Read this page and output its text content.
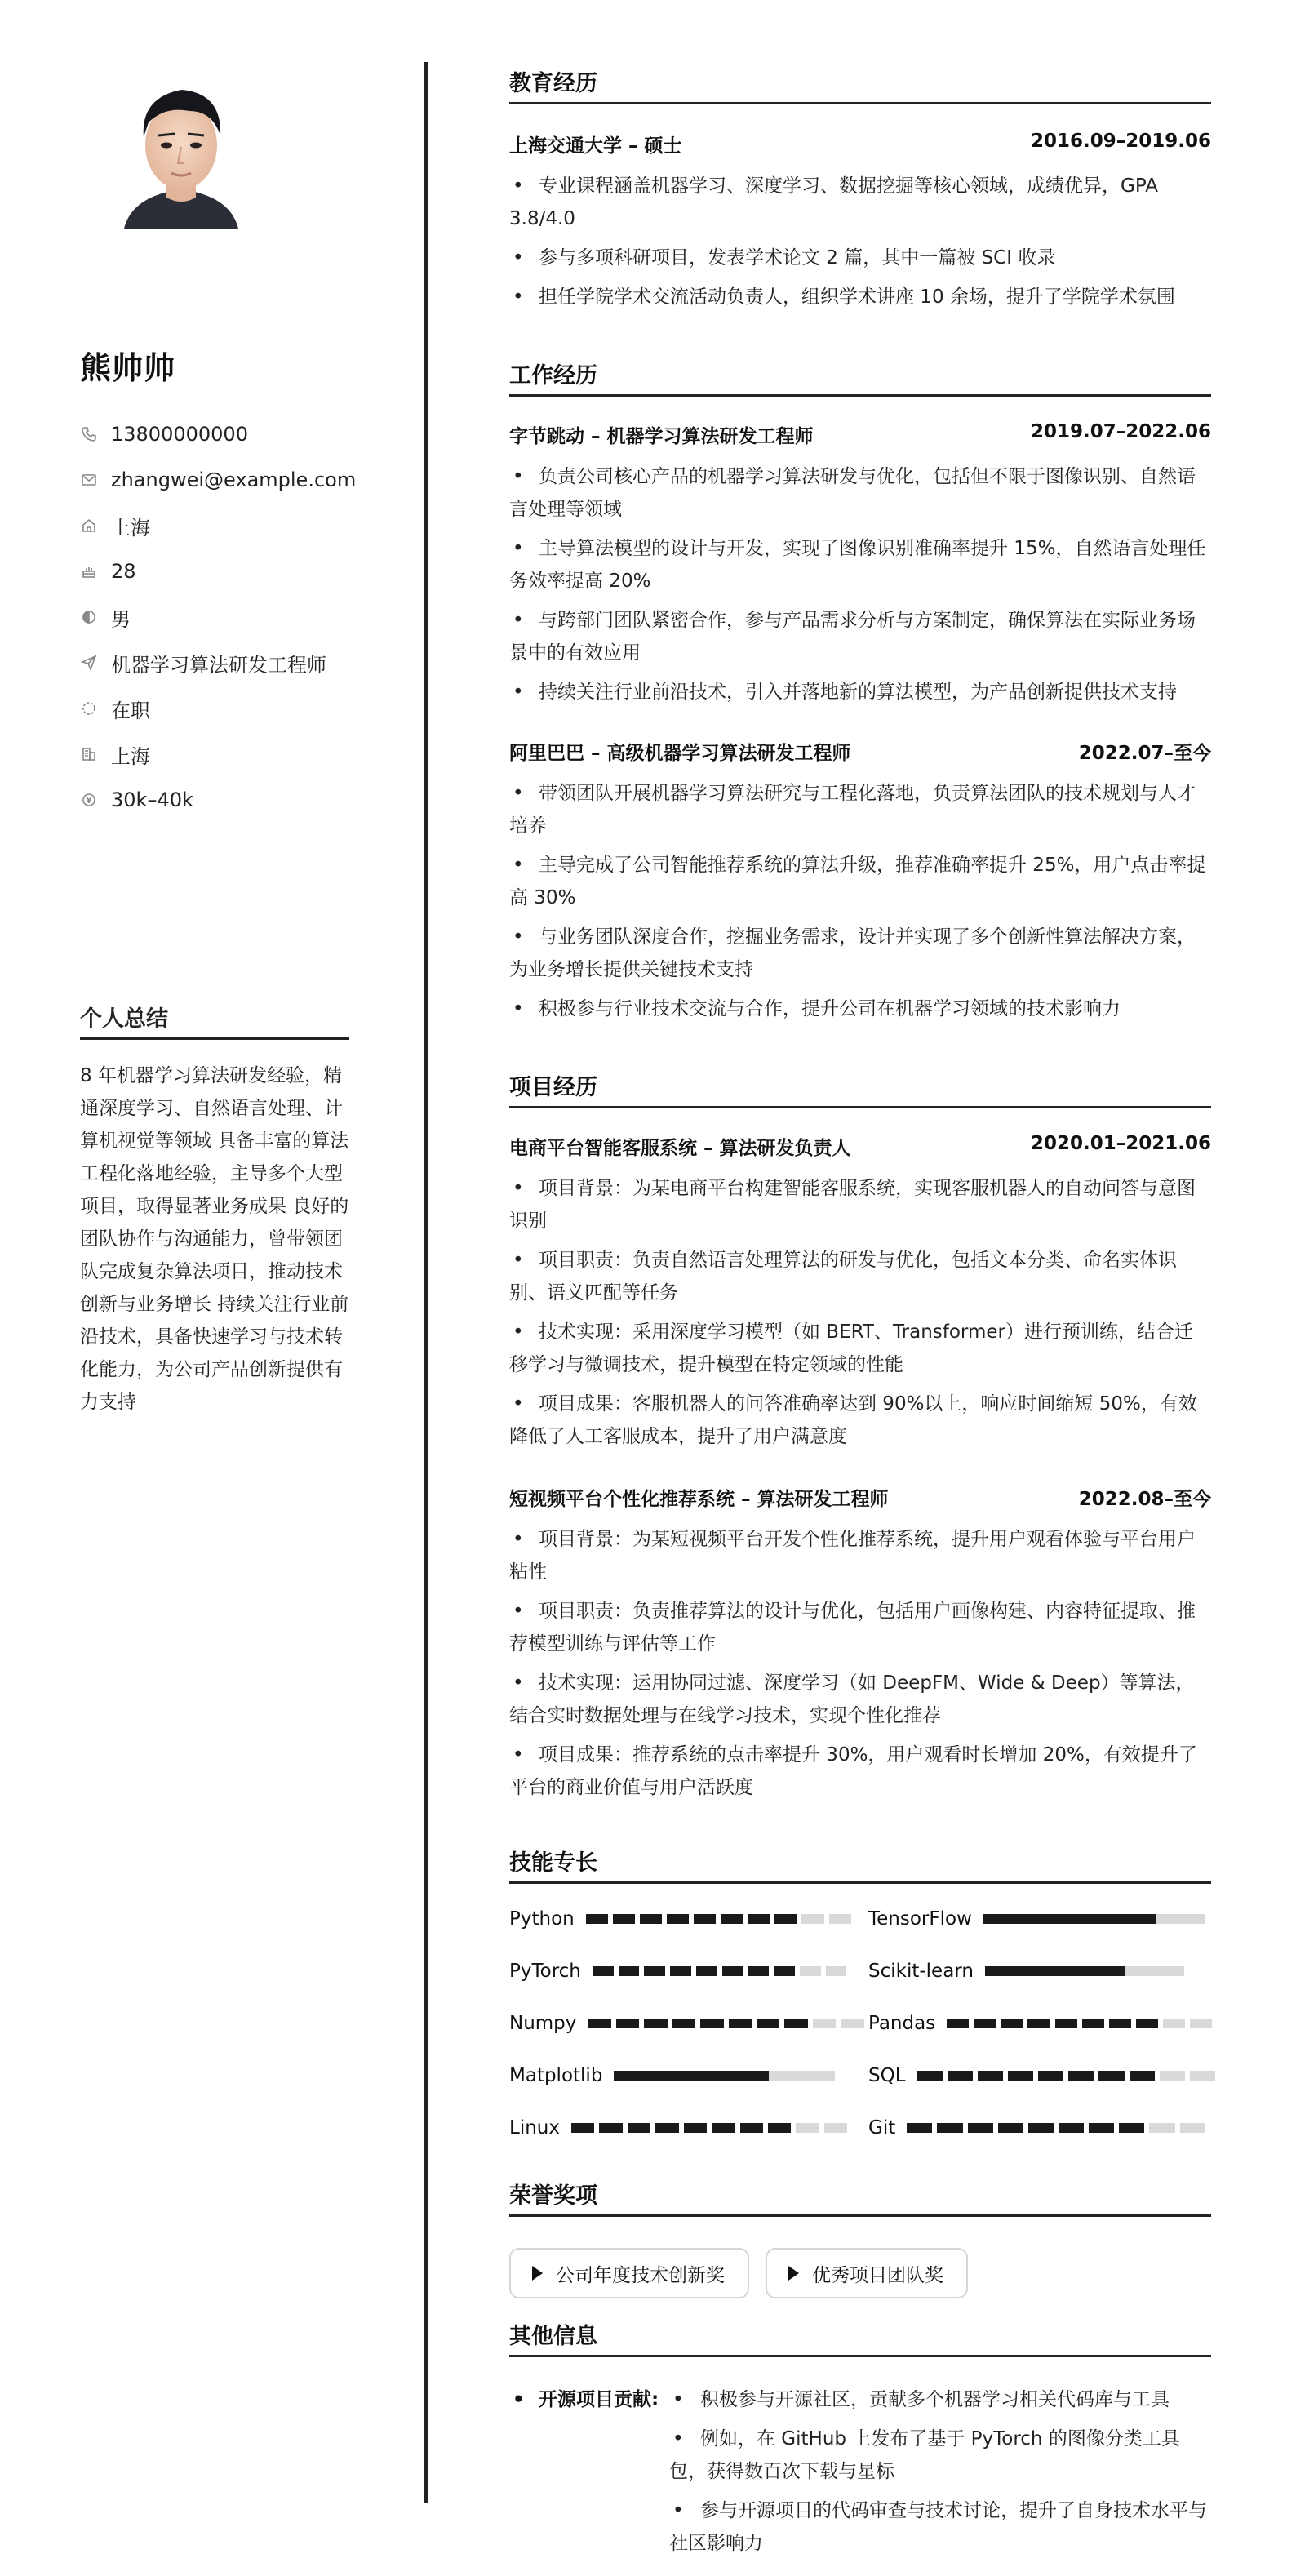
熊帅帅
13800000000
zhangwei@example.com
上海
28
男
机器学习算法研发工程师
在职
上海
30k–40k
个人总结
8 年机器学习算法研发经验，精通深度学习、自然语言处理、计算机视觉等领域 具备丰富的算法工程化落地经验，主导多个大型项目，取得显著业务成果 良好的团队协作与沟通能力，曾带领团队完成复杂算法项目，推动技术创新与业务增长 持续关注行业前沿技术，具备快速学习与技术转化能力，为公司产品创新提供有力支持
教育经历
上海交通大学 – 硕士	2016.09–2019.06
• 专业课程涵盖机器学习、深度学习、数据挖掘等核心领域，成绩优异，GPA 3.8/4.0
• 参与多项科研项目，发表学术论文 2 篇，其中一篇被 SCI 收录
• 担任学院学术交流活动负责人，组织学术讲座 10 余场，提升了学院学术氛围
工作经历
字节跳动 – 机器学习算法研发工程师	2019.07–2022.06
• 负责公司核心产品的机器学习算法研发与优化，包括但不限于图像识别、自然语言处理等领域
• 主导算法模型的设计与开发，实现了图像识别准确率提升 15%，自然语言处理任务效率提高 20%
• 与跨部门团队紧密合作，参与产品需求分析与方案制定，确保算法在实际业务场景中的有效应用
• 持续关注行业前沿技术，引入并落地新的算法模型，为产品创新提供技术支持
阿里巴巴 – 高级机器学习算法研发工程师	2022.07–至今
• 带领团队开展机器学习算法研究与工程化落地，负责算法团队的技术规划与人才培养
• 主导完成了公司智能推荐系统的算法升级，推荐准确率提升 25%，用户点击率提高 30%
• 与业务团队深度合作，挖掘业务需求，设计并实现了多个创新性算法解决方案，为业务增长提供关键技术支持
• 积极参与行业技术交流与合作，提升公司在机器学习领域的技术影响力
项目经历
电商平台智能客服系统 – 算法研发负责人	2020.01–2021.06
• 项目背景：为某电商平台构建智能客服系统，实现客服机器人的自动问答与意图识别
• 项目职责：负责自然语言处理算法的研发与优化，包括文本分类、命名实体识别、语义匹配等任务
• 技术实现：采用深度学习模型（如 BERT、Transformer）进行预训练，结合迁移学习与微调技术，提升模型在特定领域的性能
• 项目成果：客服机器人的问答准确率达到 90%以上，响应时间缩短 50%，有效降低了人工客服成本，提升了用户满意度
短视频平台个性化推荐系统 – 算法研发工程师	2022.08–至今
• 项目背景：为某短视频平台开发个性化推荐系统，提升用户观看体验与平台用户粘性
• 项目职责：负责推荐算法的设计与优化，包括用户画像构建、内容特征提取、推荐模型训练与评估等工作
• 技术实现：运用协同过滤、深度学习（如 DeepFM、Wide & Deep）等算法，结合实时数据处理与在线学习技术，实现个性化推荐
• 项目成果：推荐系统的点击率提升 30%，用户观看时长增加 20%，有效提升了平台的商业价值与用户活跃度
技能专长
Python	TensorFlow
PyTorch	Scikit-learn
Numpy	Pandas
Matplotlib	SQL
Linux	Git
荣誉奖项
公司年度技术创新奖	优秀项目团队奖
其他信息
• 开源项目贡献:
•	积极参与开源社区，贡献多个机器学习相关代码库与工具
• 例如，在 GitHub 上发布了基于 PyTorch 的图像分类工具包，获得数百次下载与星标
• 参与开源项目的代码审查与技术讨论，提升了自身技术水平与社区影响力
